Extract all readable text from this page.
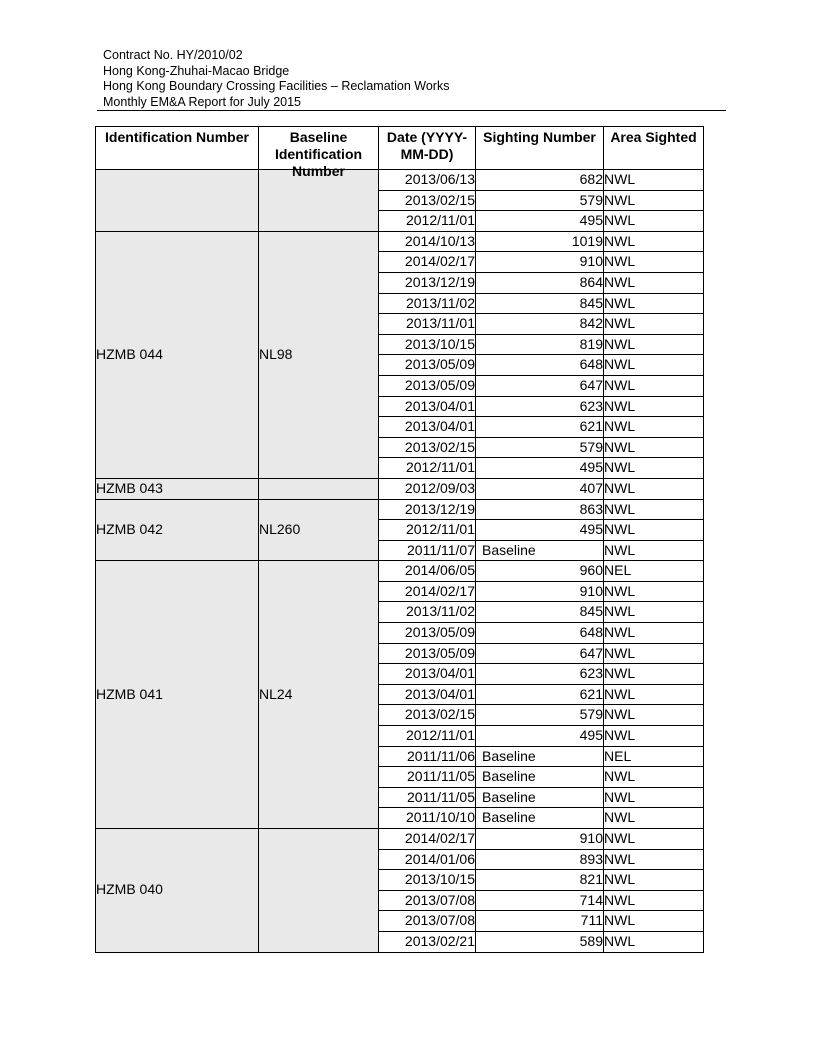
Contract No. HY/2010/02
Hong Kong-Zhuhai-Macao Bridge
Hong Kong Boundary Crossing Facilities – Reclamation Works
Monthly EM&A Report for July 2015
Identification Number	Baseline Identification Number	Date (YYYY-MM-DD)	Sighting Number	Area Sighted

		2013/06/13	682	NWL
		2013/02/15	579	NWL
		2012/11/01	495	NWL
HZMB 044	NL98	2014/10/13	1019	NWL
		2014/02/17	910	NWL
		2013/12/19	864	NWL
		2013/11/02	845	NWL
		2013/11/01	842	NWL
		2013/10/15	819	NWL
		2013/05/09	648	NWL
		2013/05/09	647	NWL
		2013/04/01	623	NWL
		2013/04/01	621	NWL
		2013/02/15	579	NWL
		2012/11/01	495	NWL
HZMB 043		2012/09/03	407	NWL
HZMB 042	NL260	2013/12/19	863	NWL
		2012/11/01	495	NWL
		2011/11/07	Baseline	NWL
HZMB 041	NL24	2014/06/05	960	NEL
		2014/02/17	910	NWL
		2013/11/02	845	NWL
		2013/05/09	648	NWL
		2013/05/09	647	NWL
		2013/04/01	623	NWL
		2013/04/01	621	NWL
		2013/02/15	579	NWL
		2012/11/01	495	NWL
		2011/11/06	Baseline	NEL
		2011/11/05	Baseline	NWL
		2011/11/05	Baseline	NWL
		2011/10/10	Baseline	NWL
HZMB 040		2014/02/17	910	NWL
		2014/01/06	893	NWL
		2013/10/15	821	NWL
		2013/07/08	714	NWL
		2013/07/08	711	NWL
		2013/02/21	589	NWL
